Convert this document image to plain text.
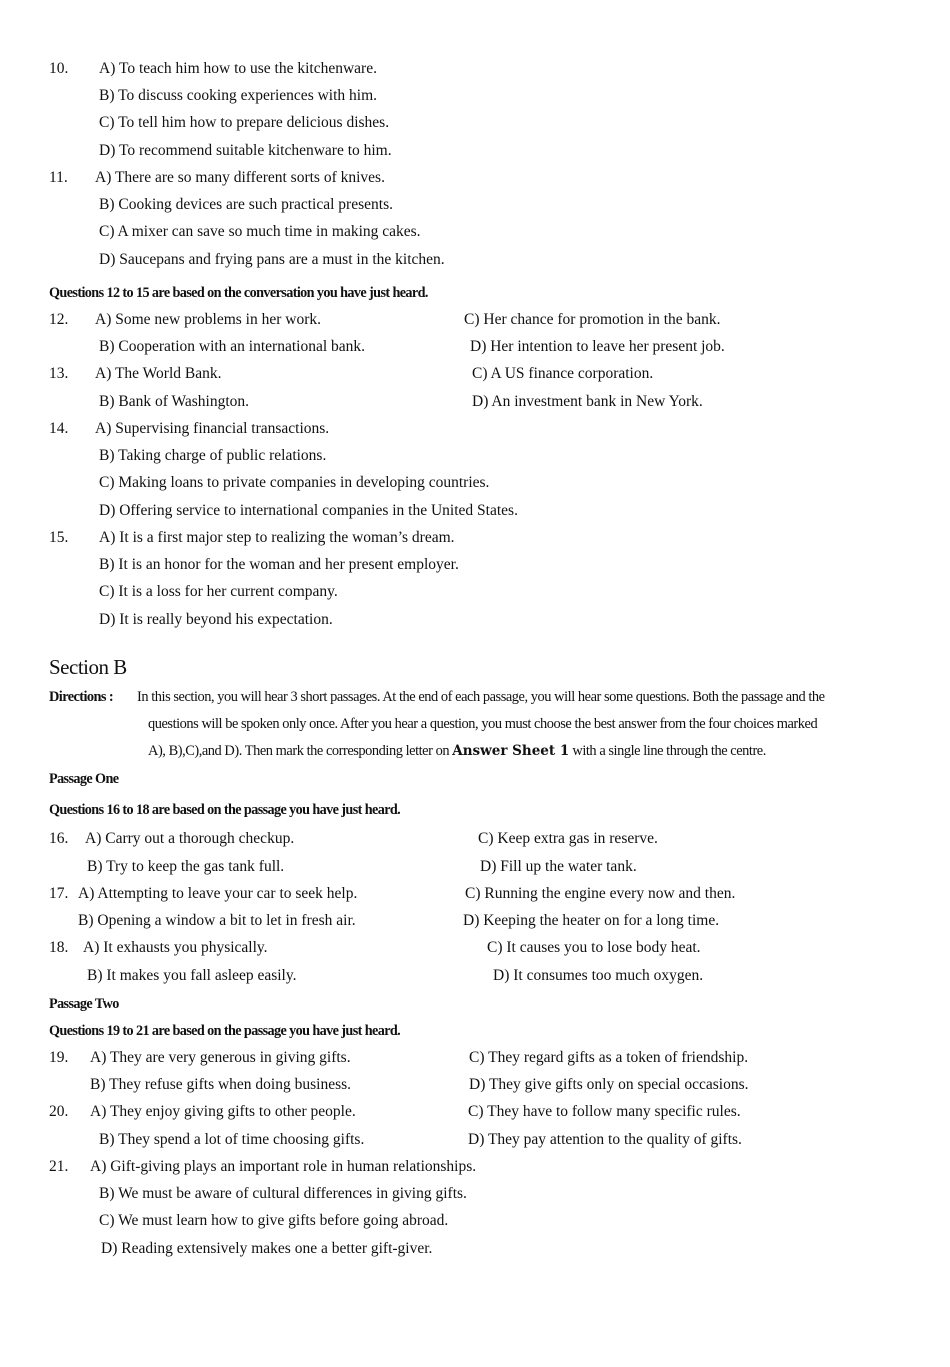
10. A) To teach him how to use the kitchenware.
B) To discuss cooking experiences with him.
C) To tell him how to prepare delicious dishes.
D) To recommend suitable kitchenware to him.
11. A) There are so many different sorts of knives.
B) Cooking devices are such practical presents.
C) A mixer can save so much time in making cakes.
D) Saucepans and frying pans are a must in the kitchen.
Questions 12 to 15 are based on the conversation you have just heard.
12. A) Some new problems in her work.	C) Her chance for promotion in the bank.
B) Cooperation with an international bank.	D) Her intention to leave her present job.
13. A) The World Bank.	C) A US finance corporation.
B) Bank of Washington.	D) An investment bank in New York.
14. A) Supervising financial transactions.
B) Taking charge of public relations.
C) Making loans to private companies in developing countries.
D) Offering service to international companies in the United States.
15. A) It is a first major step to realizing the woman’s dream.
B) It is an honor for the woman and her present employer.
C) It is a loss for her current company.
D) It is really beyond his expectation.
Section B
Directions : In this section, you will hear 3 short passages. At the end of each passage, you will hear some questions. Both the passage and the
questions will be spoken only once. After you hear a question, you must choose the best answer from the four choices marked
A), B),C),and D). Then mark the corresponding letter on Answer Sheet 1 with a single line through the centre.
Passage One
Questions 16 to 18 are based on the passage you have just heard.
16. A) Carry out a thorough checkup.	C) Keep extra gas in reserve.
B) Try to keep the gas tank full.	D) Fill up the water tank.
17. A) Attempting to leave your car to seek help.	C) Running the engine every now and then.
B) Opening a window a bit to let in fresh air.	D) Keeping the heater on for a long time.
18. A) It exhausts you physically.	C) It causes you to lose body heat.
B) It makes you fall asleep easily.	D) It consumes too much oxygen.
Passage Two
Questions 19 to 21 are based on the passage you have just heard.
19. A) They are very generous in giving gifts.	C) They regard gifts as a token of friendship.
B) They refuse gifts when doing business.	D) They give gifts only on special occasions.
20. A) They enjoy giving gifts to other people.	C) They have to follow many specific rules.
B) They spend a lot of time choosing gifts.	D) They pay attention to the quality of gifts.
21. A) Gift-giving plays an important role in human relationships.
B) We must be aware of cultural differences in giving gifts.
C) We must learn how to give gifts before going abroad.
D) Reading extensively makes one a better gift-giver.
